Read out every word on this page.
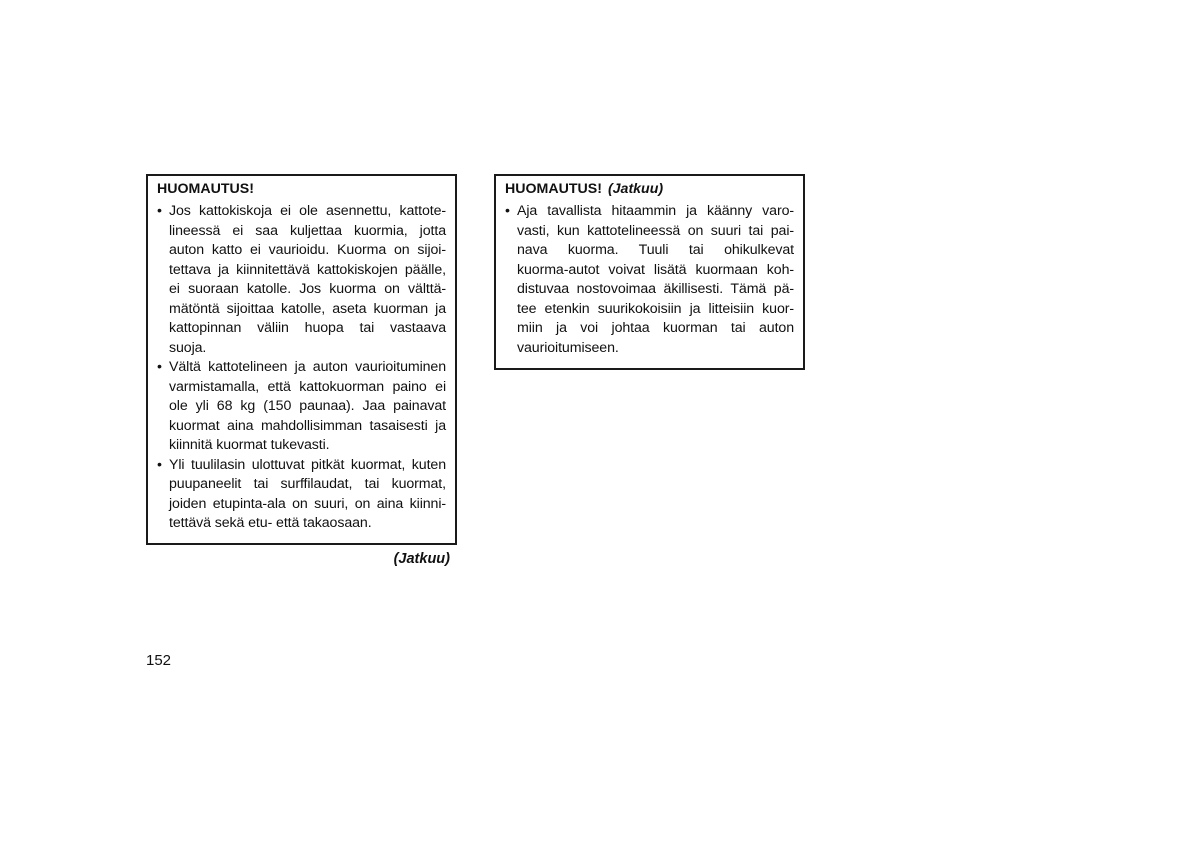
HUOMAUTUS!
• Jos kattokiskoja ei ole asennettu, kattote-
lineessä ei saa kuljettaa kuormia, jotta
auton katto ei vaurioidu. Kuorma on sijoi-
tettava ja kiinnitettävä kattokiskojen päälle,
ei suoraan katolle. Jos kuorma on välttä-
mätöntä sijoittaa katolle, aseta kuorman ja
kattopinnan väliin huopa tai vastaava
suoja.
• Vältä kattotelineen ja auton vaurioituminen
varmistamalla, että kattokuorman paino ei
ole yli 68 kg (150 paunaa). Jaa painavat
kuormat aina mahdollisimman tasaisesti ja
kiinnitä kuormat tukevasti.
• Yli tuulilasin ulottuvat pitkät kuormat, kuten
puupaneelit tai surffilaudat, tai kuormat,
joiden etupinta-ala on suuri, on aina kiinni-
tettävä sekä etu- että takaosaan.
(Jatkuu)
HUOMAUTUS! (Jatkuu)
• Aja tavallista hitaammin ja käänny varo-
vasti, kun kattotelineessä on suuri tai pai-
nava kuorma. Tuuli tai ohikulkevat
kuorma-autot voivat lisätä kuormaan koh-
distuvaa nostovoimaa äkillisesti. Tämä pä-
tee etenkin suurikokoisiin ja litteisiin kuor-
miin ja voi johtaa kuorman tai auton
vaurioitumiseen.
152
